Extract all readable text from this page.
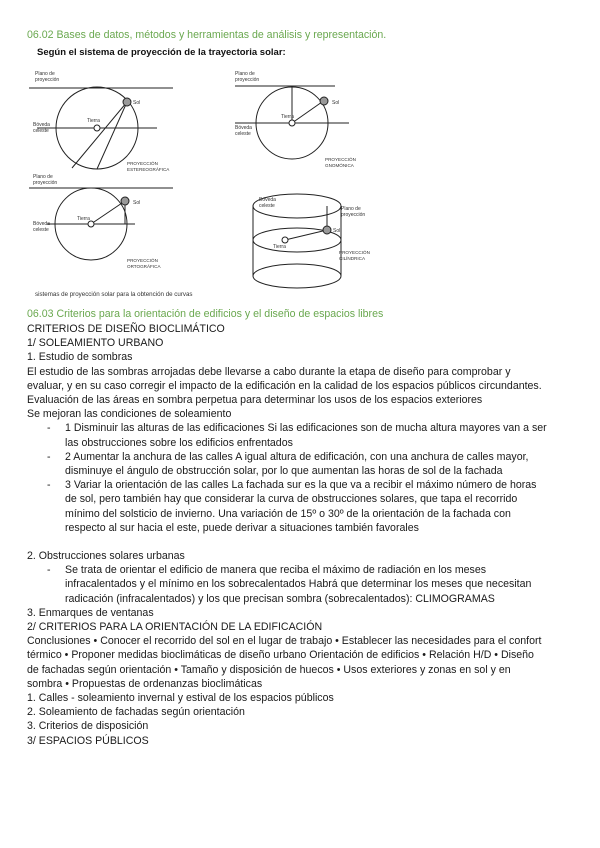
06.02 Bases de datos, métodos y herramientas de análisis y representación.
Según el sistema de proyección de la trayectoria solar:
Plano de
proyección
Sol
Tierra
Bóveda
celeste
PROYECCIÓN
ESTEREOGRÁFICA
Plano de
proyección
Sol
Tierra
Bóveda
celeste
PROYECCIÓN
GNOMÓNICA
Plano de
proyección
Sol
Tierra
Bóveda
celeste
PROYECCIÓN
ORTOGRÁFICA
Bóveda
celeste	Plano de
proyección
Sol
Tierra
PROYECCIÓN
CILÍNDRICA
sistemas de proyección solar para la obtención de curvas
06.03 Criterios para la orientación de edificios y el diseño de espacios libres
CRITERIOS DE DISEÑO BIOCLIMÁTICO
1/ SOLEAMIENTO URBANO
1. Estudio de sombras
El estudio de las sombras arrojadas debe llevarse a cabo durante la etapa de diseño para comprobar y
evaluar, y en su caso corregir el impacto de la edificación en la calidad de los espacios públicos circundantes.
Evaluación de las áreas en sombra perpetua para determinar los usos de los espacios exteriores
Se mejoran las condiciones de soleamiento
- 1 Disminuir las alturas de las edificaciones Si las edificaciones son de mucha altura mayores van a ser
las obstrucciones sobre los edificios enfrentados
- 2 Aumentar la anchura de las calles A igual altura de edificación, con una anchura de calles mayor,
disminuye el ángulo de obstrucción solar, por lo que aumentan las horas de sol de la fachada
- 3 Variar la orientación de las calles La fachada sur es la que va a recibir el máximo número de horas
de sol, pero también hay que considerar la curva de obstrucciones solares, que tapa el recorrido
mínimo del solsticio de invierno. Una variación de 15º o 30º de la orientación de la fachada con
respecto al sur hacia el este, puede derivar a situaciones también favorales
2. Obstrucciones solares urbanas
- Se trata de orientar el edificio de manera que reciba el máximo de radiación en los meses
infracalentados y el mínimo en los sobrecalentados Habrá que determinar los meses que necesitan
radicación (infracalentados) y los que precisan sombra (sobrecalentados): CLIMOGRAMAS
3. Enmarques de ventanas
2/ CRITERIOS PARA LA ORIENTACIÓN DE LA EDIFICACIÓN
Conclusiones • Conocer el recorrido del sol en el lugar de trabajo • Establecer las necesidades para el confort
térmico • Proponer medidas bioclimáticas de diseño urbano Orientación de edificios • Relación H/D • Diseño
de fachadas según orientación • Tamaño y disposición de huecos • Usos exteriores y zonas en sol y en
sombra • Propuestas de ordenanzas bioclimáticas
1. Calles - soleamiento invernal y estival de los espacios públicos
2. Soleamiento de fachadas según orientación
3. Criterios de disposición
3/ ESPACIOS PÚBLICOS
